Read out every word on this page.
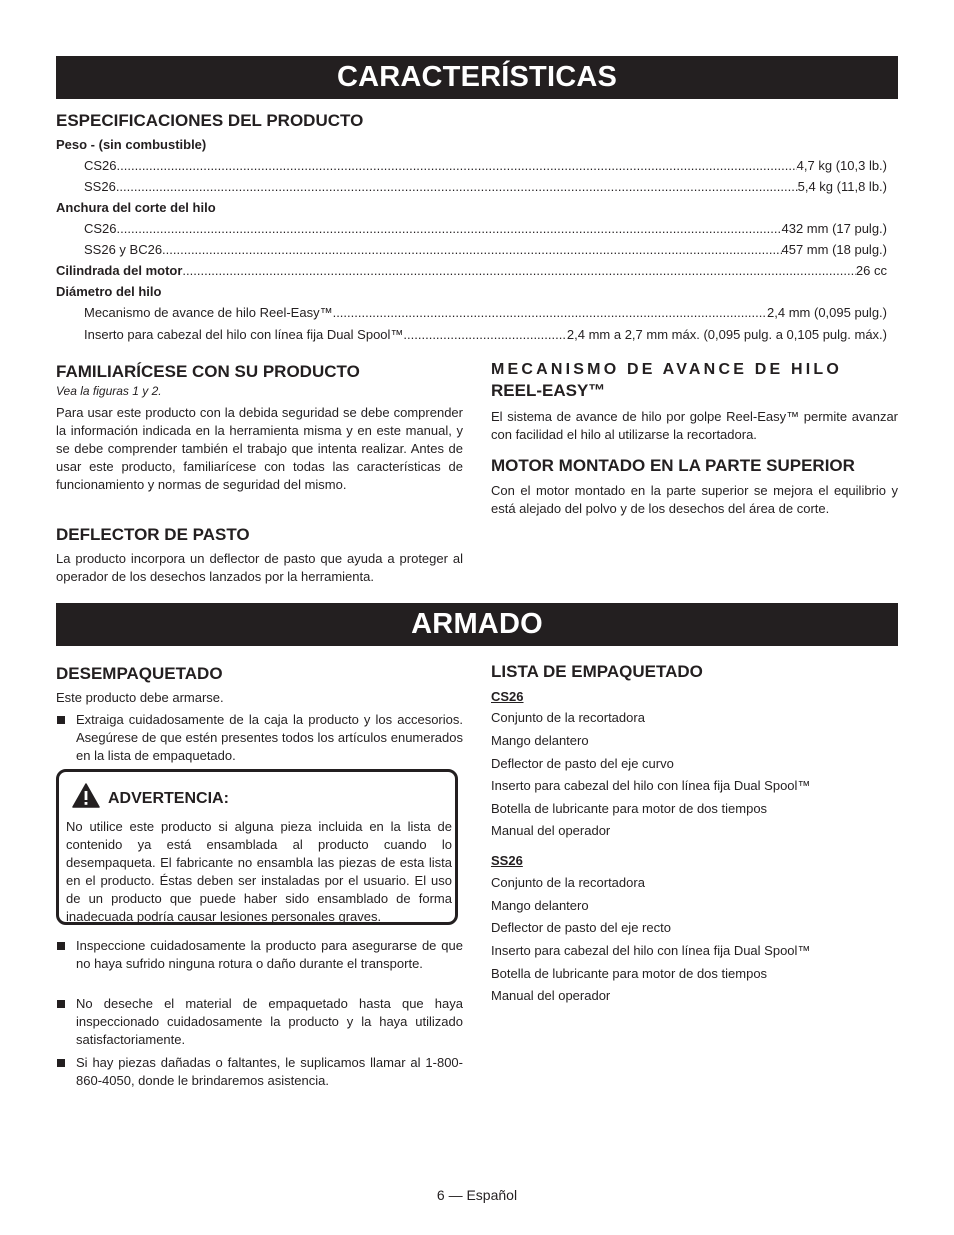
CARACTERÍSTICAS
ESPECIFICACIONES DEL PRODUCTO
Peso - (sin combustible)
CS26 .....	4,7 kg (10,3 lb.)
SS26 .....	5,4 kg (11,8 lb.)
Anchura del corte del hilo
CS26 .....	432 mm (17 pulg.)
SS26 y BC26 .....	457 mm (18 pulg.)
Cilindrada del motor .....	26 cc
Diámetro del hilo
Mecanismo de avance de hilo Reel-Easy™ .....	2,4 mm (0,095 pulg.)
Inserto para cabezal del hilo con línea fija Dual Spool™ .....	2,4 mm a 2,7 mm máx. (0,095 pulg. a 0,105 pulg. máx.)
FAMILIARÍCESE CON SU PRODUCTO
Vea la figuras 1 y 2.
Para usar este producto con la debida seguridad se debe comprender la información indicada en la herramienta misma y en este manual, y se debe comprender también el trabajo que intenta realizar. Antes de usar este producto, familiarícese con todas las características de funcionamiento y normas de seguridad del mismo.
DEFLECTOR DE PASTO
La producto incorpora un deflector de pasto que ayuda a proteger al operador de los desechos lanzados por la herramienta.
MECANISMO DE AVANCE DE HILO
REEL-EASY™
El sistema de avance de hilo por golpe Reel-Easy™ permite avanzar con facilidad el hilo al utilizarse la recortadora.
MOTOR MONTADO EN LA PARTE SUPERIOR
Con el motor montado en la parte superior se mejora el equilibrio y está alejado del polvo y de los desechos del área de corte.
ARMADO
DESEMPAQUETADO
Este producto debe armarse.
Extraiga cuidadosamente de la caja la producto y los accesorios. Asegúrese de que estén presentes todos los artículos enumerados en la lista de empaquetado.
ADVERTENCIA:
No utilice este producto si alguna pieza incluida en la lista de contenido ya está ensamblada al producto cuando lo desempaqueta. El fabricante no ensambla las piezas de esta lista en el producto. Éstas deben ser instaladas por el usuario. El uso de un producto que puede haber sido ensamblado de forma inadecuada podría causar lesiones personales graves.
Inspeccione cuidadosamente la producto para asegurarse de que no haya sufrido ninguna rotura o daño durante el transporte.
No deseche el material de empaquetado hasta que haya inspeccionado cuidadosamente la producto y la haya utilizado satisfactoriamente.
Si hay piezas dañadas o faltantes, le suplicamos llamar al 1-800-860-4050, donde le brindaremos asistencia.
LISTA DE EMPAQUETADO
CS26
Conjunto de la recortadora
Mango delantero
Deflector de pasto del eje curvo
Inserto para cabezal del hilo con línea fija Dual Spool™
Botella de lubricante para motor de dos tiempos
Manual del operador
SS26
Conjunto de la recortadora
Mango delantero
Deflector de pasto del eje recto
Inserto para cabezal del hilo con línea fija Dual Spool™
Botella de lubricante para motor de dos tiempos
Manual del operador
6 — Español
